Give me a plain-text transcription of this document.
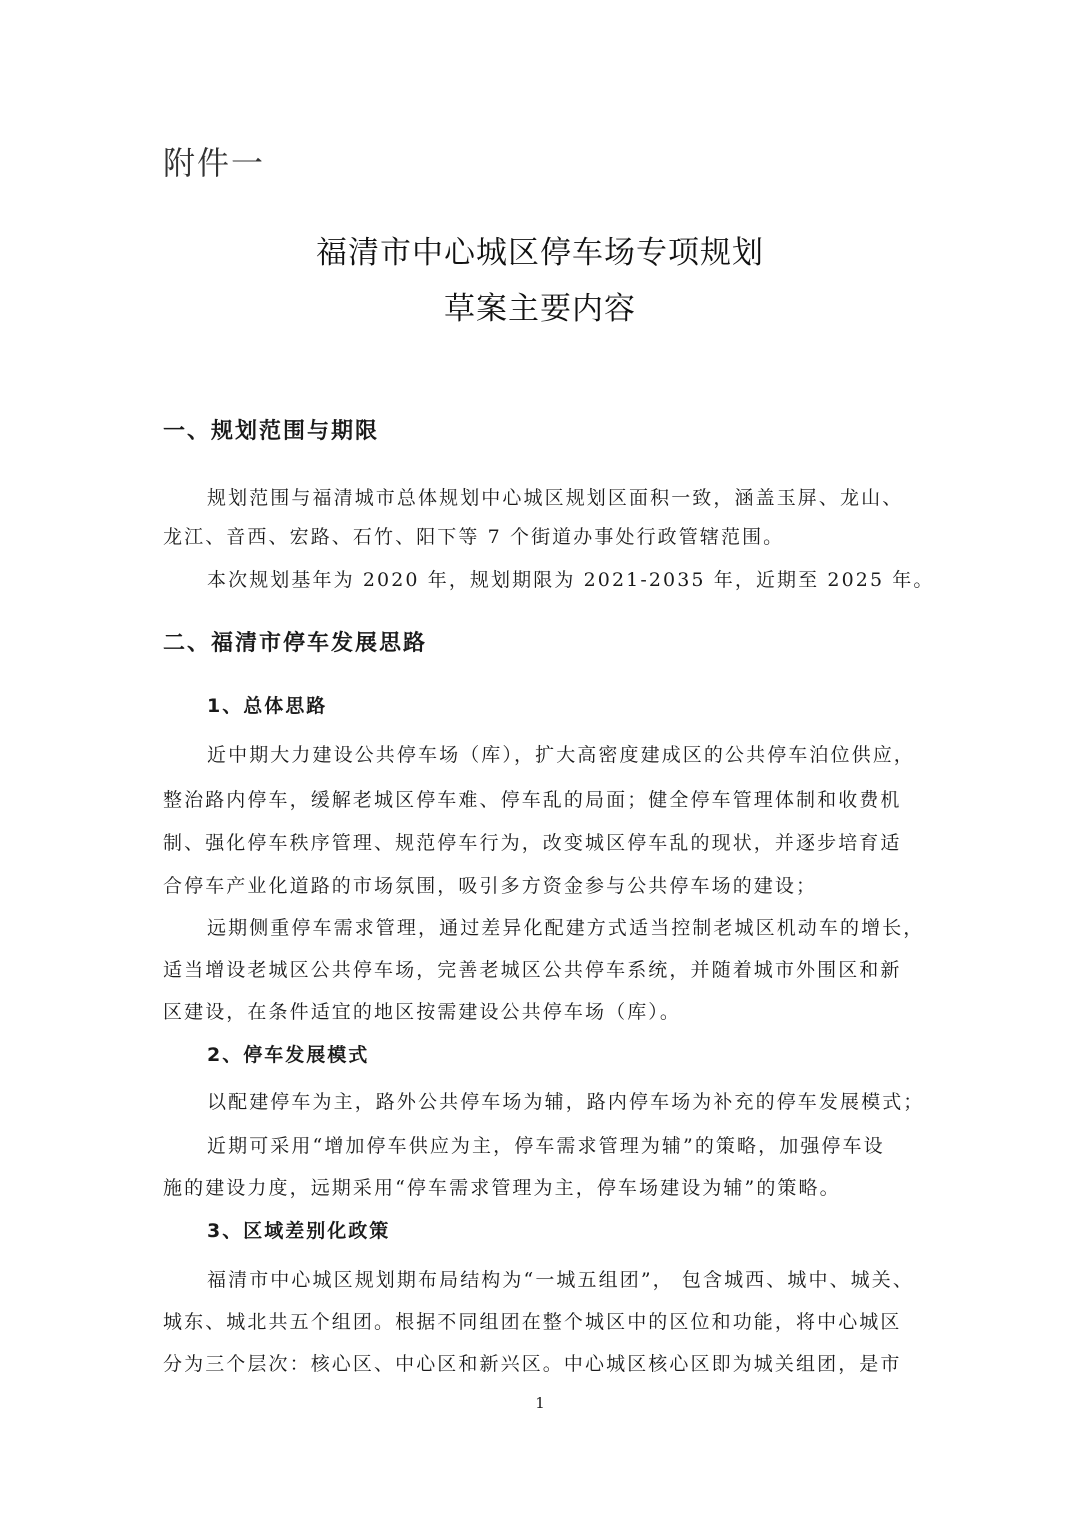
附件一
福清市中心城区停车场专项规划
草案主要内容
一、规划范围与期限
规划范围与福清城市总体规划中心城区规划区面积一致，涵盖玉屏、龙山、
龙江、音西、宏路、石竹、阳下等 7 个街道办事处行政管辖范围。
本次规划基年为 2020 年，规划期限为 2021-2035 年，近期至 2025 年。
二、福清市停车发展思路
1、总体思路
近中期大力建设公共停车场（库），扩大高密度建成区的公共停车泊位供应，
整治路内停车，缓解老城区停车难、停车乱的局面；健全停车管理体制和收费机
制、强化停车秩序管理、规范停车行为，改变城区停车乱的现状，并逐步培育适
合停车产业化道路的市场氛围，吸引多方资金参与公共停车场的建设；
远期侧重停车需求管理，通过差异化配建方式适当控制老城区机动车的增长，
适当增设老城区公共停车场，完善老城区公共停车系统，并随着城市外围区和新
区建设，在条件适宜的地区按需建设公共停车场（库）。
2、停车发展模式
以配建停车为主，路外公共停车场为辅，路内停车场为补充的停车发展模式；
近期可采用“增加停车供应为主，停车需求管理为辅”的策略，加强停车设
施的建设力度，远期采用“停车需求管理为主，停车场建设为辅”的策略。
3、区域差别化政策
福清市中心城区规划期布局结构为“一城五组团”， 包含城西、城中、城关、
城东、城北共五个组团。根据不同组团在整个城区中的区位和功能，将中心城区
分为三个层次：核心区、中心区和新兴区。中心城区核心区即为城关组团，是市
1
